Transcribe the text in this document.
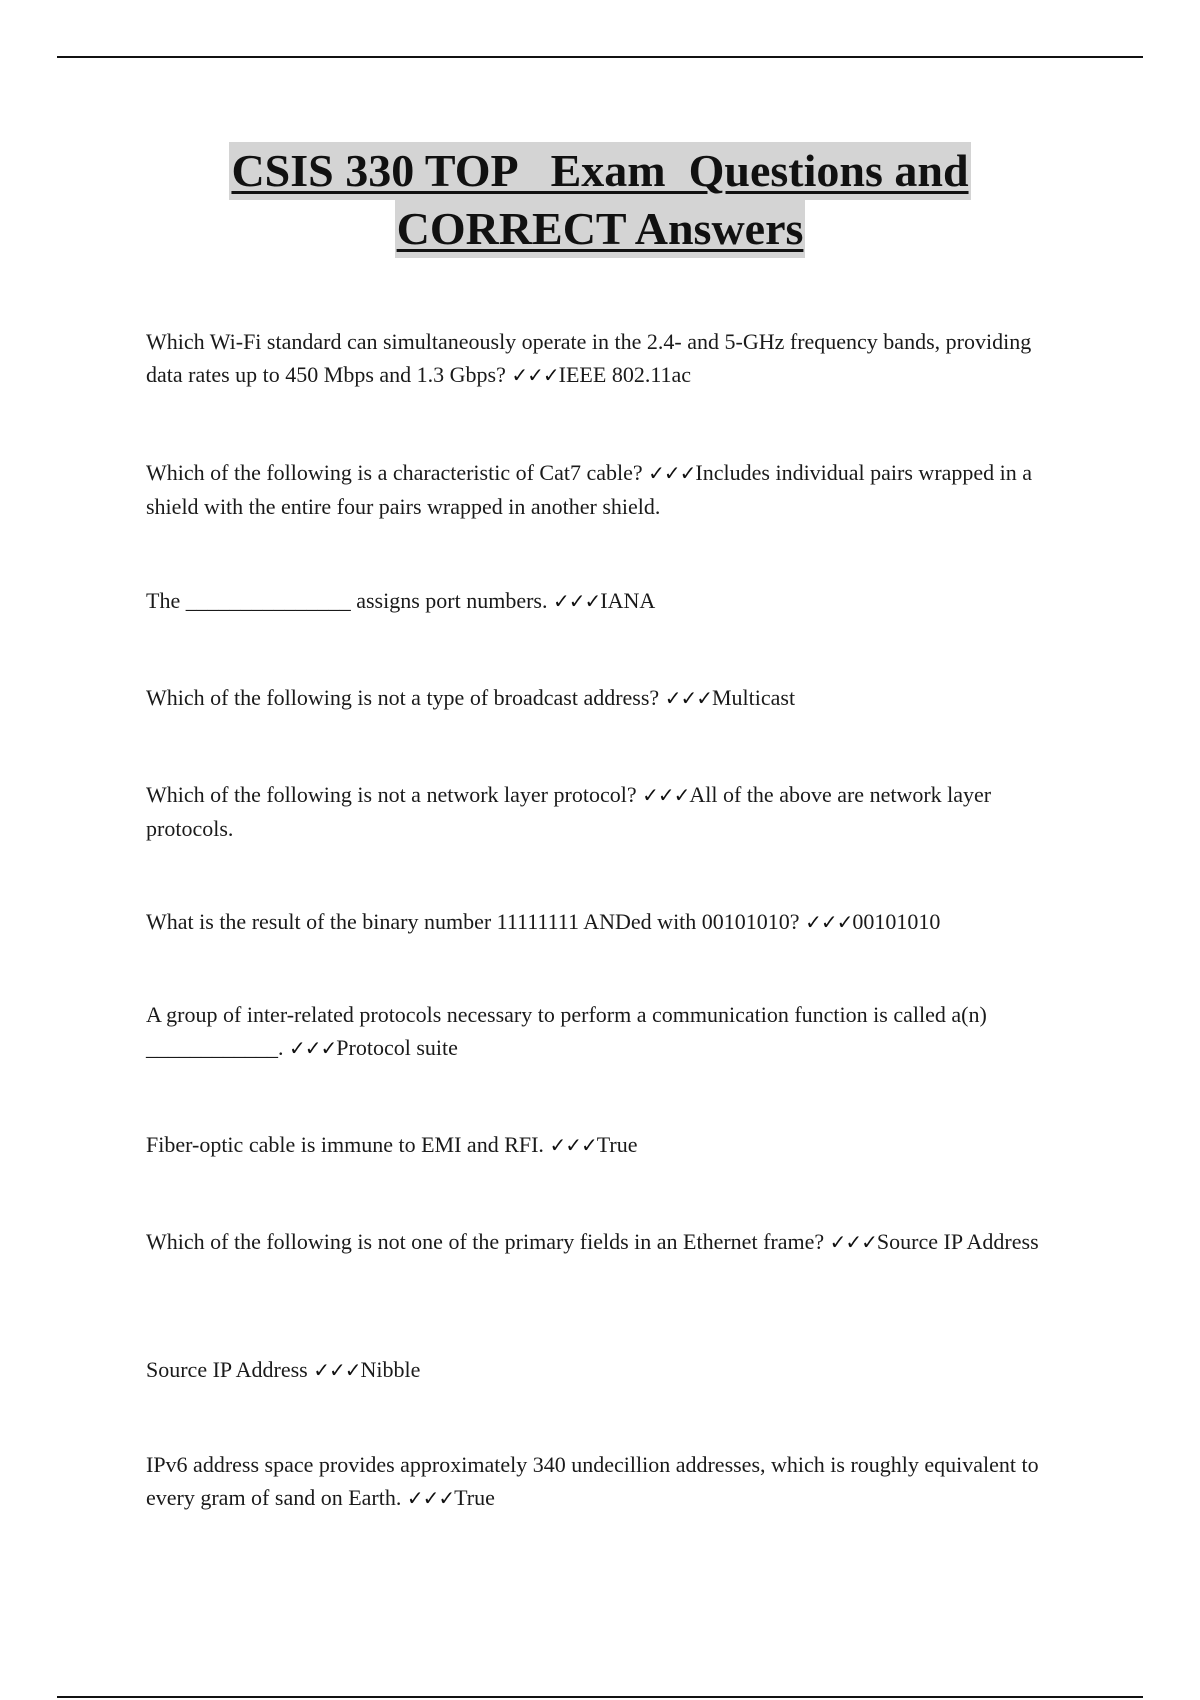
CSIS 330 TOP   Exam  Questions and
CORRECT Answers
Which Wi-Fi standard can simultaneously operate in the 2.4- and 5-GHz frequency bands, providing data rates up to 450 Mbps and 1.3 Gbps? ✓✓✓IEEE 802.11ac
Which of the following is a characteristic of Cat7 cable? ✓✓✓Includes individual pairs wrapped in a shield with the entire four pairs wrapped in another shield.
The _______________ assigns port numbers. ✓✓✓IANA
Which of the following is not a type of broadcast address? ✓✓✓Multicast
Which of the following is not a network layer protocol? ✓✓✓All of the above are network layer protocols.
What is the result of the binary number 11111111 ANDed with 00101010? ✓✓✓00101010
A group of inter-related protocols necessary to perform a communication function is called a(n) ____________. ✓✓✓Protocol suite
Fiber-optic cable is immune to EMI and RFI. ✓✓✓True
Which of the following is not one of the primary fields in an Ethernet frame? ✓✓✓Source IP Address
Source IP Address ✓✓✓Nibble
IPv6 address space provides approximately 340 undecillion addresses, which is roughly equivalent to every gram of sand on Earth. ✓✓✓True
